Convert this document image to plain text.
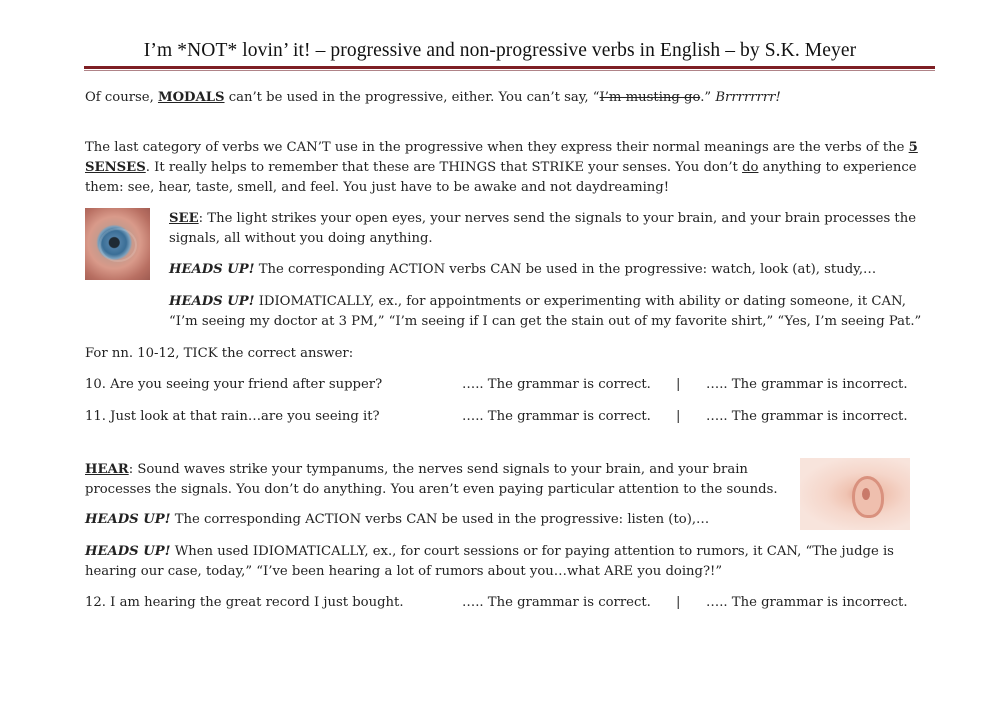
I’m *NOT* lovin’ it! – progressive and non-progressive verbs in English – by S.K. Meyer
Of course, MODALS can’t be used in the progressive, either. You can’t say, “I’m musting go.” Brrrrrrrr!
The last category of verbs we CAN’T use in the progressive when they express their normal meanings are the verbs of the 5
SENSES. It really helps to remember that these are THINGS that STRIKE your senses. You don’t do anything to experience
them: see, hear, taste, smell, and feel. You just have to be awake and not daydreaming!
SEE: The light strikes your open eyes, your nerves send the signals to your brain, and your brain processes the
signals, all without you doing anything.
HEADS UP! The corresponding ACTION verbs CAN be used in the progressive: watch, look (at), study,…
HEADS UP! IDIOMATICALLY, ex., for appointments or experimenting with ability or dating someone, it CAN,
“I’m seeing my doctor at 3 PM,” “I’m seeing if I can get the stain out of my favorite shirt,” “Yes, I’m seeing Pat.”
For nn. 10-12, TICK the correct answer:
10. Are you seeing your friend after supper?	….. The grammar is correct. | ….. The grammar is incorrect.
11. Just look at that rain…are you seeing it?	….. The grammar is correct. | ….. The grammar is incorrect.
HEAR: Sound waves strike your tympanums, the nerves send signals to your brain, and your brain
processes the signals. You don’t do anything. You aren’t even paying particular attention to the sounds.
HEADS UP! The corresponding ACTION verbs CAN be used in the progressive: listen (to),…
HEADS UP! When used IDIOMATICALLY, ex., for court sessions or for paying attention to rumors, it CAN, “The judge is
hearing our case, today,” “I’ve been hearing a lot of rumors about you…what ARE you doing?!”
12. I am hearing the great record I just bought.	….. The grammar is correct. | ….. The grammar is incorrect.
